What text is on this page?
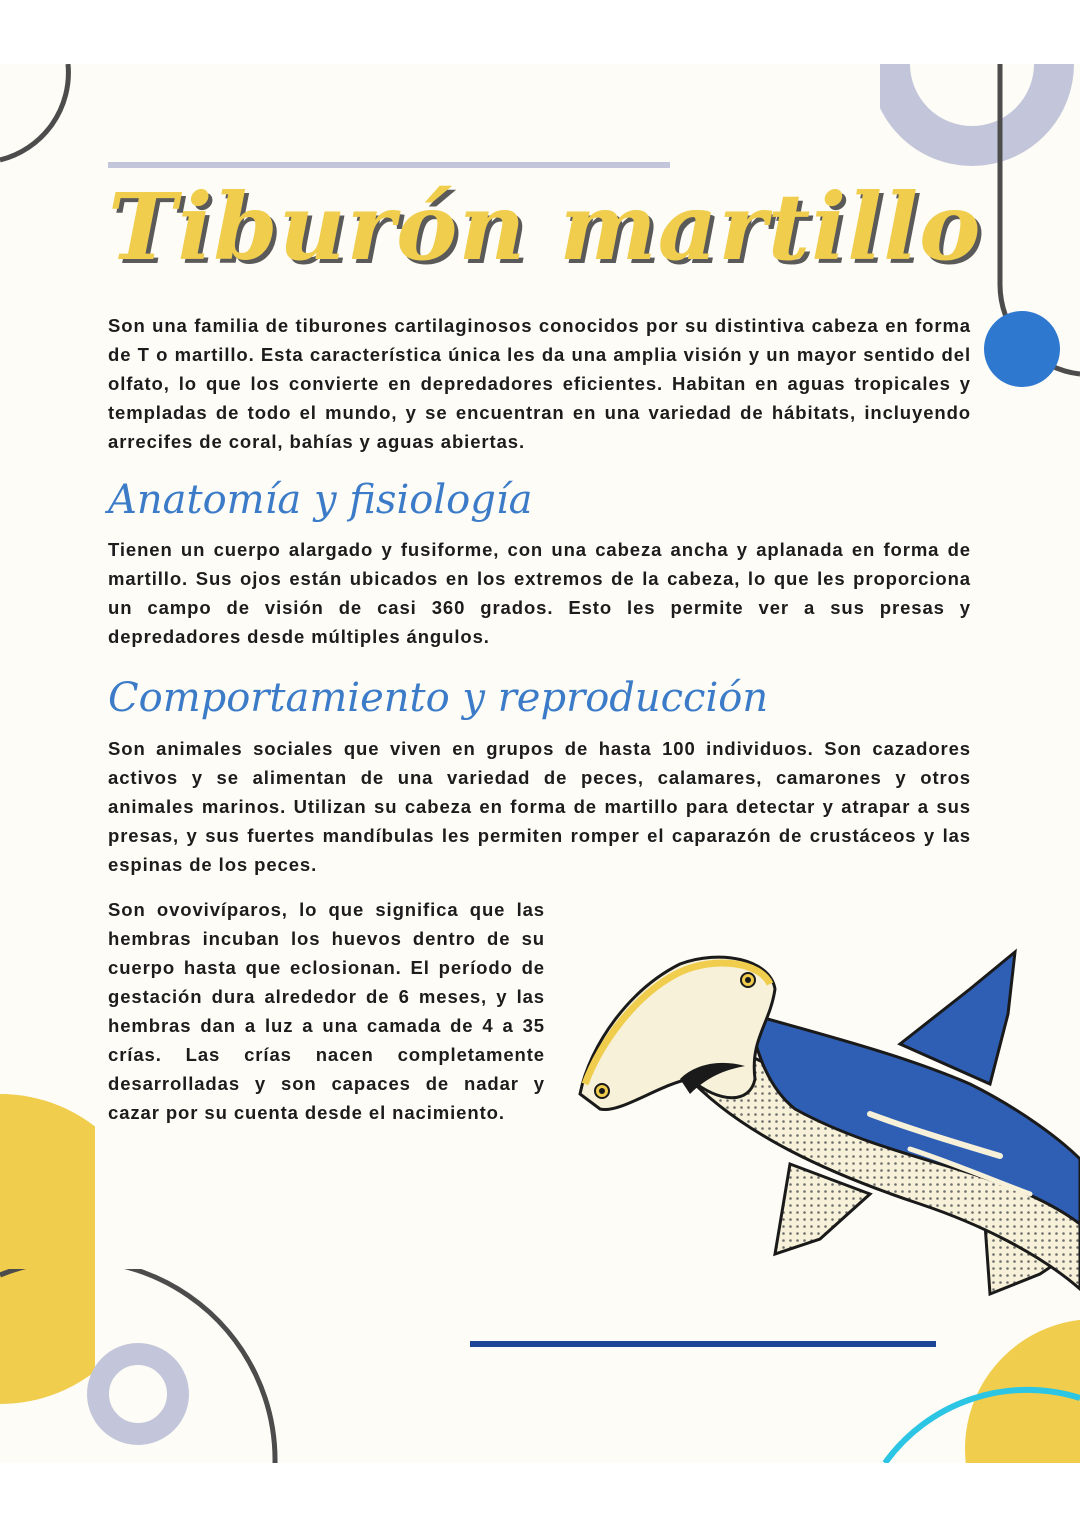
Tiburón martillo

Son una familia de tiburones cartilaginosos conocidos por su distintiva cabeza en forma de T o martillo. Esta característica única les da una amplia visión y un mayor sentido del olfato, lo que los convierte en depredadores eficientes. Habitan en aguas tropicales y templadas de todo el mundo, y se encuentran en una variedad de hábitats, incluyendo arrecifes de coral, bahías y aguas abiertas.

Anatomía y fisiología

Tienen un cuerpo alargado y fusiforme, con una cabeza ancha y aplanada en forma de martillo. Sus ojos están ubicados en los extremos de la cabeza, lo que les proporciona un campo de visión de casi 360 grados. Esto les permite ver a sus presas y depredadores desde múltiples ángulos.

Comportamiento y reproducción

Son animales sociales que viven en grupos de hasta 100 individuos. Son cazadores activos y se alimentan de una variedad de peces, calamares, camarones y otros animales marinos. Utilizan su cabeza en forma de martillo para detectar y atrapar a sus presas, y sus fuertes mandíbulas les permiten romper el caparazón de crustáceos y las espinas de los peces.

Son ovovivíparos, lo que significa que las hembras incuban los huevos dentro de su cuerpo hasta que eclosionan. El período de gestación dura alrededor de 6 meses, y las hembras dan a luz a una camada de 4 a 35 crías. Las crías nacen completamente desarrolladas y son capaces de nadar y cazar por su cuenta desde el nacimiento.
